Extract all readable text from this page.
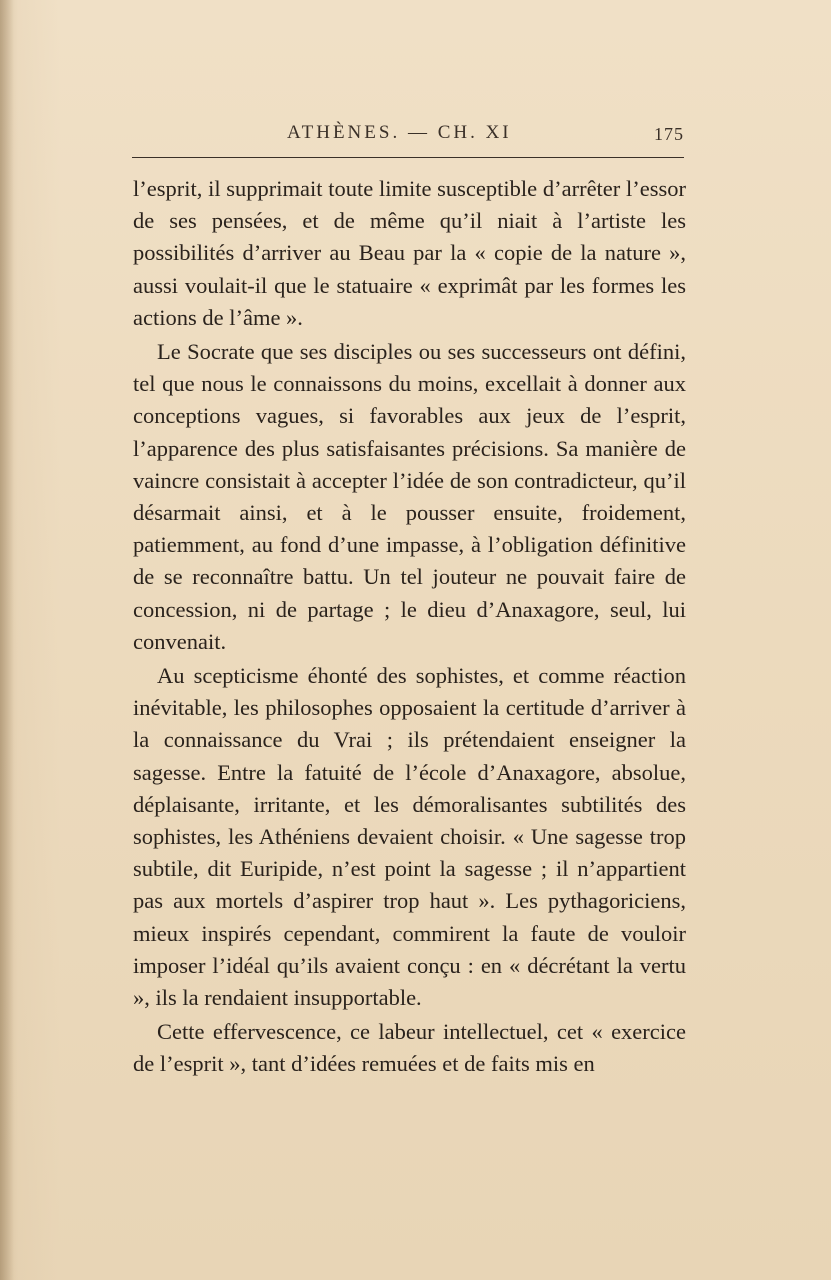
ATHÈNES. — CH. XI	175

l’esprit, il supprimait toute limite susceptible d’arrêter l’essor de ses pensées, et de même qu’il niait à l’artiste les possibilités d’arriver au Beau par la « copie de la nature », aussi voulait-il que le statuaire « exprimât par les formes les actions de l’âme ».

Le Socrate que ses disciples ou ses successeurs ont défini, tel que nous le connaissons du moins, excellait à donner aux conceptions vagues, si favorables aux jeux de l’esprit, l’apparence des plus satisfaisantes précisions. Sa manière de vaincre consistait à accepter l’idée de son contradicteur, qu’il désarmait ainsi, et à le pousser ensuite, froidement, patiemment, au fond d’une impasse, à l’obligation définitive de se reconnaître battu. Un tel jouteur ne pouvait faire de concession, ni de partage ; le dieu d’Anaxagore, seul, lui convenait.

Au scepticisme éhonté des sophistes, et comme réaction inévitable, les philosophes opposaient la certitude d’arriver à la connaissance du Vrai ; ils prétendaient enseigner la sagesse. Entre la fatuité de l’école d’Anaxagore, absolue, déplaisante, irritante, et les démoralisantes subtilités des sophistes, les Athéniens devaient choisir. « Une sagesse trop subtile, dit Euripide, n’est point la sagesse ; il n’appartient pas aux mortels d’aspirer trop haut ». Les pythagoriciens, mieux inspirés cependant, commirent la faute de vouloir imposer l’idéal qu’ils avaient conçu : en « décrétant la vertu », ils la rendaient insupportable.

Cette effervescence, ce labeur intellectuel, cet « exercice de l’esprit », tant d’idées remuées et de faits mis en
